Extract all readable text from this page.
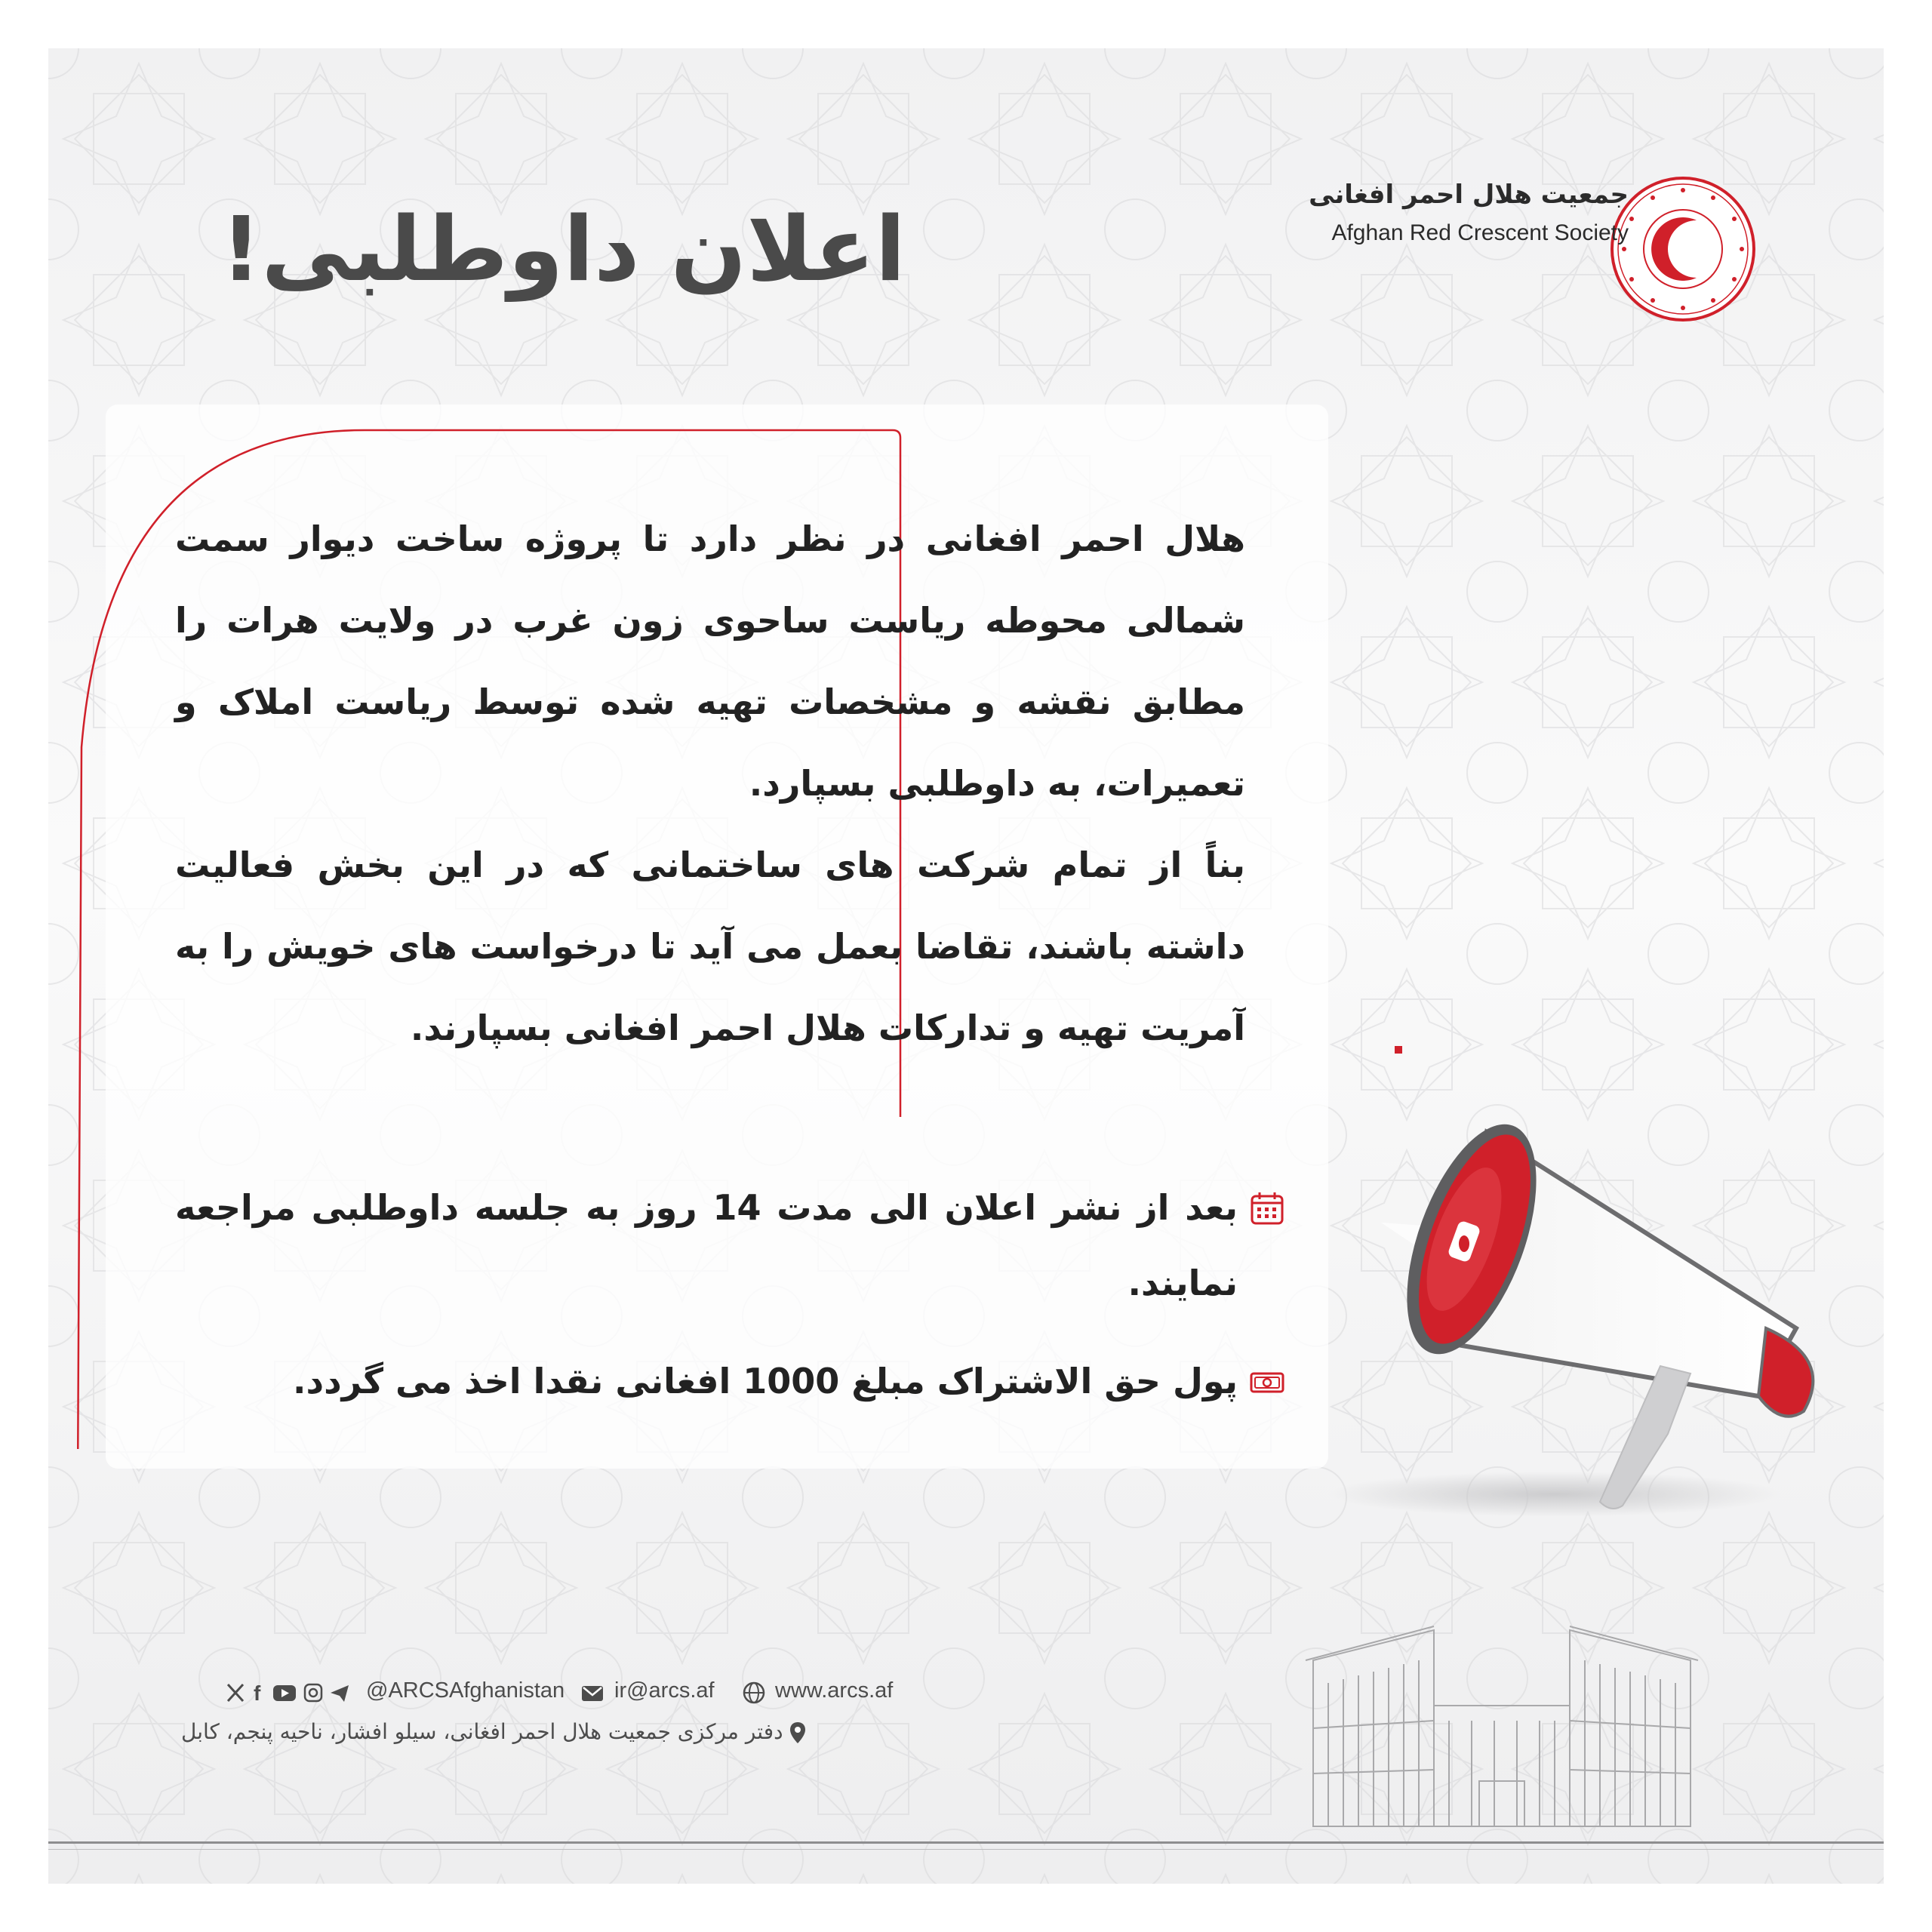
جمعیت هلال احمر افغانی
Afghan Red Crescent Society
اعلان داوطلبی!

هلال احمر افغانی در نظر دارد تا پروژه ساخت دیوار سمت شمالی محوطه ریاست ساحوی زون غرب در ولایت هرات را مطابق نقشه و مشخصات تهیه شده توسط ریاست املاک و تعمیرات، به داوطلبی بسپارد.

بناً از تمام شرکت های ساختمانی که در این بخش فعالیت داشته باشند، تقاضا بعمل می آید تا درخواست های خویش را به آمریت تهیه و تدارکات هلال احمر افغانی بسپارند.

بعد از نشر اعلان الی مدت 14 روز به جلسه داوطلبی مراجعه نمایند.
پول حق الاشتراک مبلغ 1000 افغانی نقدا اخذ می گردد.
f	@ARCSAfghanistan ir@arcs.af	www.arcs.af
دفتر مرکزی جمعیت هلال احمر افغانی، سیلو افشار، ناحیه پنجم، کابل
